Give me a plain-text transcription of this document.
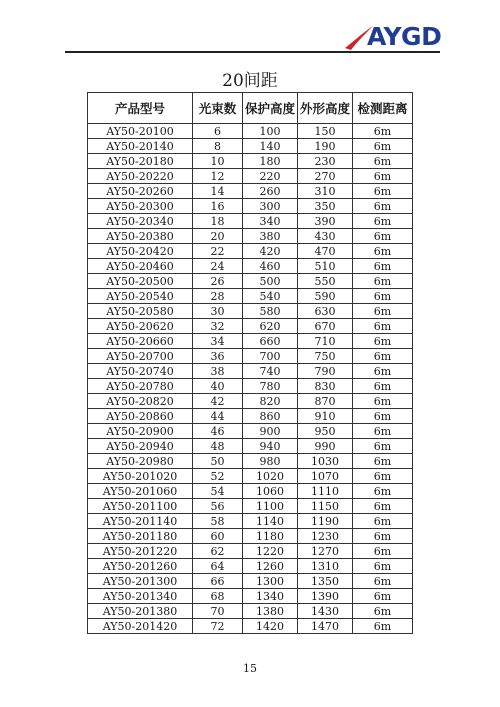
AYGD
20间距
产品型号	光束数	保护高度	外形高度	检测距离
AY50-20100	6	100	150	6m
AY50-20140	8	140	190	6m
AY50-20180	10	180	230	6m
AY50-20220	12	220	270	6m
AY50-20260	14	260	310	6m
AY50-20300	16	300	350	6m
AY50-20340	18	340	390	6m
AY50-20380	20	380	430	6m
AY50-20420	22	420	470	6m
AY50-20460	24	460	510	6m
AY50-20500	26	500	550	6m
AY50-20540	28	540	590	6m
AY50-20580	30	580	630	6m
AY50-20620	32	620	670	6m
AY50-20660	34	660	710	6m
AY50-20700	36	700	750	6m
AY50-20740	38	740	790	6m
AY50-20780	40	780	830	6m
AY50-20820	42	820	870	6m
AY50-20860	44	860	910	6m
AY50-20900	46	900	950	6m
AY50-20940	48	940	990	6m
AY50-20980	50	980	1030	6m
AY50-201020	52	1020	1070	6m
AY50-201060	54	1060	1110	6m
AY50-201100	56	1100	1150	6m
AY50-201140	58	1140	1190	6m
AY50-201180	60	1180	1230	6m
AY50-201220	62	1220	1270	6m
AY50-201260	64	1260	1310	6m
AY50-201300	66	1300	1350	6m
AY50-201340	68	1340	1390	6m
AY50-201380	70	1380	1430	6m
AY50-201420	72	1420	1470	6m
15
